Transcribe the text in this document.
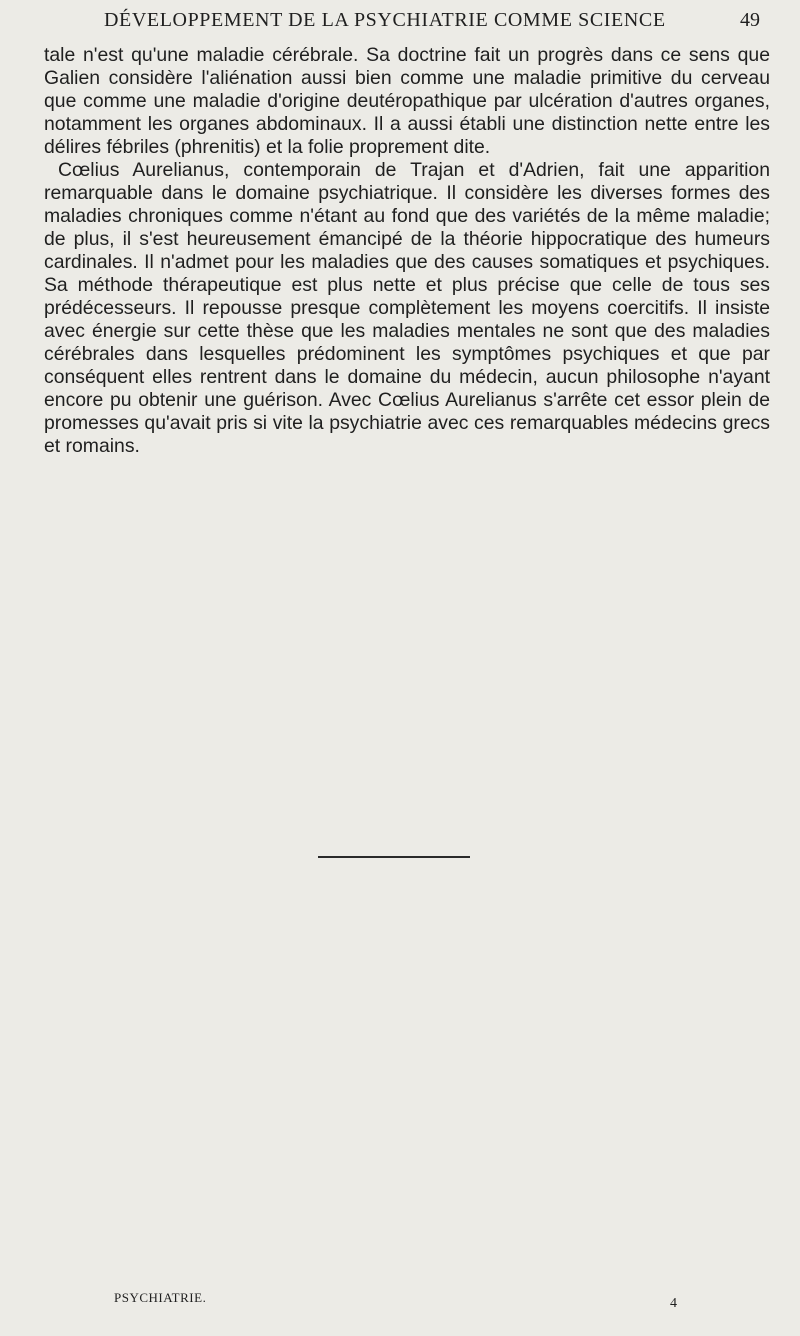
DÉVELOPPEMENT DE LA PSYCHIATRIE COMME SCIENCE	49

tale n'est qu'une maladie cérébrale. Sa doctrine fait un progrès dans ce sens que Galien considère l'aliénation aussi bien comme une maladie primitive du cerveau que comme une maladie d'origine deutéropathique par ulcération d'autres organes, notamment les organes abdominaux. Il a aussi établi une distinction nette entre les délires fébriles (phrenitis) et la folie proprement dite.

Cœlius Aurelianus, contemporain de Trajan et d'Adrien, fait une apparition remarquable dans le domaine psychiatrique. Il considère les diverses formes des maladies chroniques comme n'étant au fond que des variétés de la même maladie; de plus, il s'est heureusement émancipé de la théorie hippocratique des humeurs cardinales. Il n'admet pour les maladies que des causes somatiques et psychiques. Sa méthode thérapeutique est plus nette et plus précise que celle de tous ses prédécesseurs. Il repousse presque complètement les moyens coercitifs. Il insiste avec énergie sur cette thèse que les maladies mentales ne sont que des maladies cérébrales dans lesquelles prédominent les symptômes psychiques et que par conséquent elles rentrent dans le domaine du médecin, aucun philosophe n'ayant encore pu obtenir une guérison. Avec Cœlius Aurelianus s'arrête cet essor plein de promesses qu'avait pris si vite la psychiatrie avec ces remarquables médecins grecs et romains.

PSYCHIATRIE.	4
